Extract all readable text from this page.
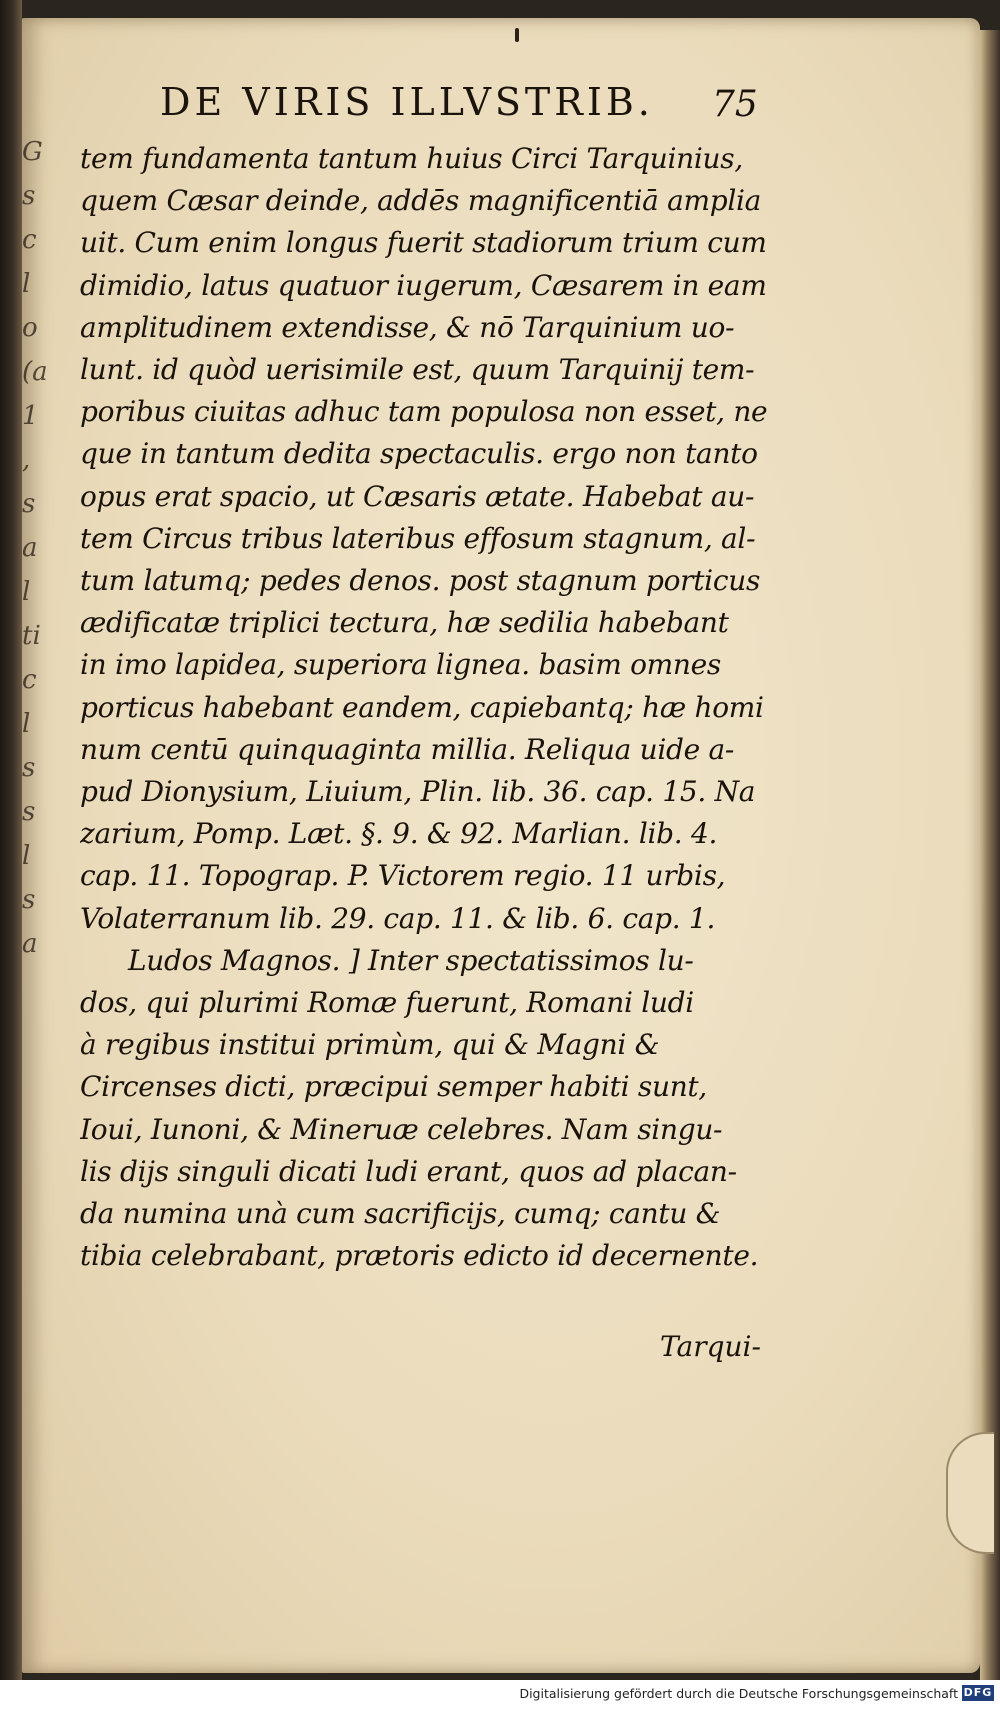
G
s
c
l
o
(a
1
,
s
a
l
ti
c
l
s
s
l
s
a
DE VIRIS ILLVSTRIB.	75
tem fundamenta tantum huius Circi Tarquinius,
quem Cæsar deinde, addēs magnificentiā amplia
uit. Cum enim longus fuerit stadiorum trium cum
dimidio, latus quatuor iugerum, Cæsarem in eam
amplitudinem extendisse, & nō Tarquinium uo-
lunt. id quòd uerisimile est, quum Tarquinij tem-
poribus ciuitas adhuc tam populosa non esset, ne
que in tantum dedita spectaculis. ergo non tanto
opus erat spacio, ut Cæsaris ætate. Habebat au-
tem Circus tribus lateribus effosum stagnum, al-
tum latumq; pedes denos. post stagnum porticus
ædificatæ triplici tectura, hæ sedilia habebant
in imo lapidea, superiora lignea. basim omnes
porticus habebant eandem, capiebantq; hæ homi
num centū quinquaginta millia. Reliqua uide a-
pud Dionysium, Liuium, Plin. lib. 36. cap. 15. Na
zarium, Pomp. Læt. §. 9. & 92. Marlian. lib. 4.
cap. 11. Topograp. P. Victorem regio. 11 urbis,
Volaterranum lib. 29. cap. 11. & lib. 6. cap. 1.
Ludos Magnos. ] Inter spectatissimos lu-
dos, qui plurimi Romæ fuerunt, Romani ludi
à regibus institui primùm, qui & Magni &
Circenses dicti, præcipui semper habiti sunt,
Ioui, Iunoni, & Mineruæ celebres. Nam singu-
lis dijs singuli dicati ludi erant, quos ad placan-
da numina unà cum sacrificijs, cumq; cantu &
tibia celebrabant, prætoris edicto id decernente.
Tarqui-
Digitalisierung gefördert durch die Deutsche Forschungsgemeinschaft DFG
